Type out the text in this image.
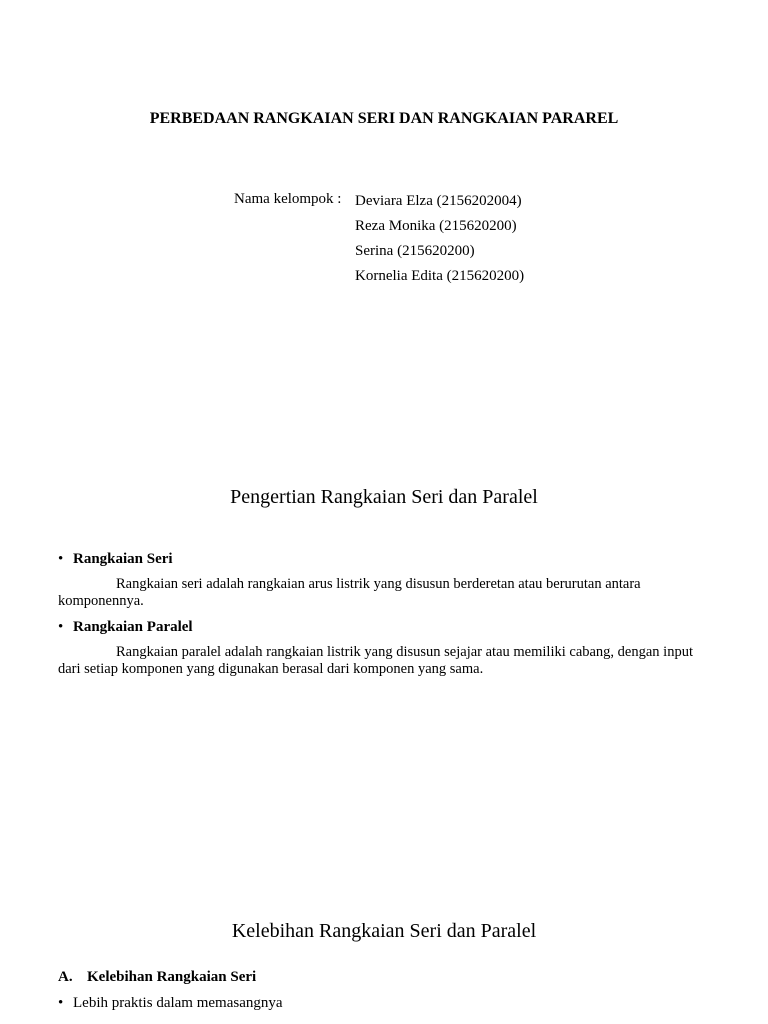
PERBEDAAN RANGKAIAN SERI DAN RANGKAIAN PARAREL
Nama kelompok : Deviara Elza (2156202004)
Reza Monika (215620200)
Serina (215620200)
Kornelia Edita (215620200)
Pengertian Rangkaian Seri dan Paralel
• Rangkaian Seri
Rangkaian seri adalah rangkaian arus listrik yang disusun berderetan atau berurutan antara komponennya.
• Rangkaian Paralel
Rangkaian paralel adalah rangkaian listrik yang disusun sejajar atau memiliki cabang, dengan input dari setiap komponen yang digunakan berasal dari komponen yang sama.
Kelebihan Rangkaian Seri dan Paralel
A. Kelebihan Rangkaian Seri
• Lebih praktis dalam memasangnya
